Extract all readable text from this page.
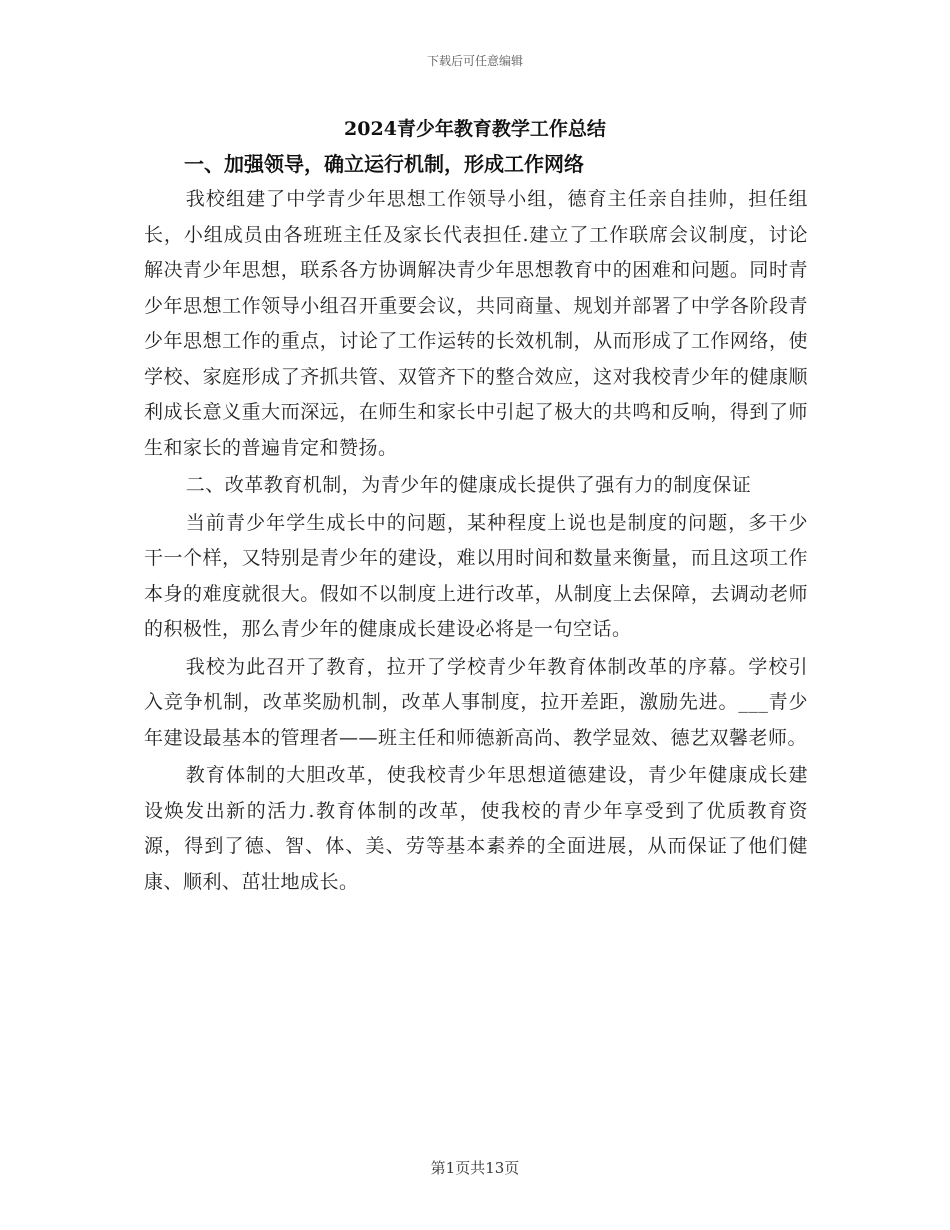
下载后可任意编辑
2024青少年教育教学工作总结

一、加强领导，确立运行机制，形成工作网络

我校组建了中学青少年思想工作领导小组，德育主任亲自挂帅，担任组长，小组成员由各班班主任及家长代表担任.建立了工作联席会议制度，讨论解决青少年思想，联系各方协调解决青少年思想教育中的困难和问题。同时青少年思想工作领导小组召开重要会议，共同商量、规划并部署了中学各阶段青少年思想工作的重点，讨论了工作运转的长效机制，从而形成了工作网络，使学校、家庭形成了齐抓共管、双管齐下的整合效应，这对我校青少年的健康顺利成长意义重大而深远，在师生和家长中引起了极大的共鸣和反响，得到了师生和家长的普遍肯定和赞扬。

二、改革教育机制，为青少年的健康成长提供了强有力的制度保证

当前青少年学生成长中的问题，某种程度上说也是制度的问题，多干少干一个样，又特别是青少年的建设，难以用时间和数量来衡量，而且这项工作本身的难度就很大。假如不以制度上进行改革，从制度上去保障，去调动老师的积极性，那么青少年的健康成长建设必将是一句空话。

我校为此召开了教育，拉开了学校青少年教育体制改革的序幕。学校引入竞争机制，改革奖励机制，改革人事制度，拉开差距，激励先进。___青少年建设最基本的管理者——班主任和师德新高尚、教学显效、德艺双馨老师。

教育体制的大胆改革，使我校青少年思想道德建设，青少年健康成长建设焕发出新的活力.教育体制的改革，使我校的青少年享受到了优质教育资源，得到了德、智、体、美、劳等基本素养的全面进展，从而保证了他们健康、顺利、茁壮地成长。

第1页共13页
